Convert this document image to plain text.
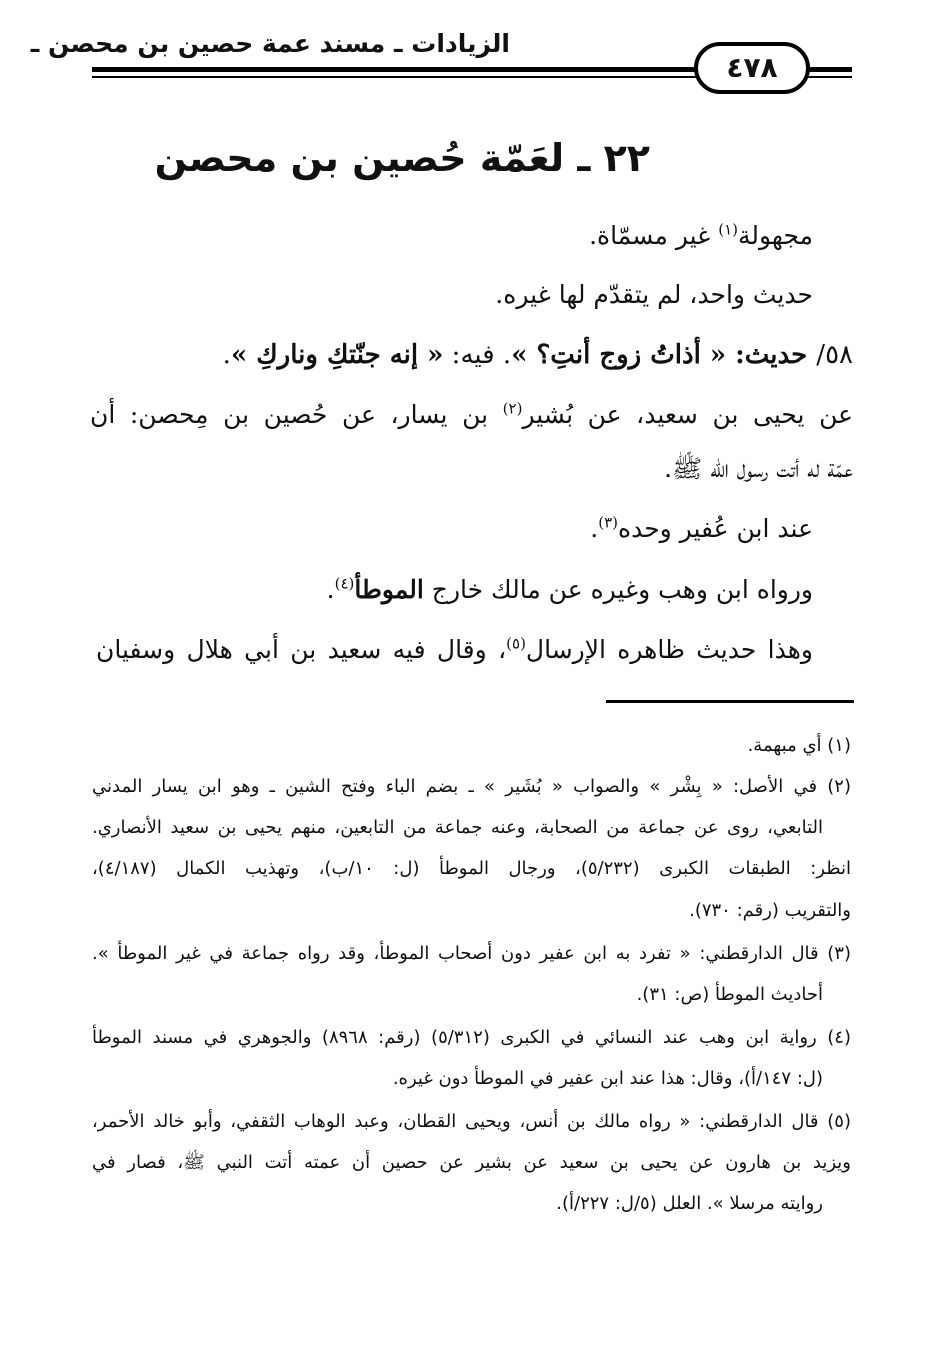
الزيادات ـ مسند عمة حصين بن محصن ـ
٤٧٨
٢٢ ـ لعَمّة حُصين بن محصن
مجهولة$^{(١)}$ غير مسمّاة.
حديث واحد، لم يتقدّم لها غيره.
٥٨/ حديث: « أذاتُ زوج أنتِ؟ ». فيه: « إنه جنّتكِ وناركِ ».
عن يحيى بن سعيد، عن بُشير$^{(٢)}$ بن يسار، عن حُصين بن مِحصن: أن
عمّة له أتت رسول الله ﷺ.
عند ابن عُفير وحده$^{(٣)}$.
ورواه ابن وهب وغيره عن مالك خارج الموطأ$^{(٤)}$.
وهذا حديث ظاهره الإرسال$^{(٥)}$، وقال فيه سعيد بن أبي هلال وسفيان
(١) أي مبهمة.
(٢) في الأصل: « بِشْر » والصواب « بُشَير » ـ بضم الباء وفتح الشين ـ وهو ابن يسار المدني
التابعي، روى عن جماعة من الصحابة، وعنه جماعة من التابعين، منهم يحيى بن سعيد الأنصاري.
انظر: الطبقات الكبرى (٥/٢٣٢)، ورجال الموطأ (ل: ١٠/ب)، وتهذيب الكمال (٤/١٨٧)،
والتقريب (رقم: ٧٣٠).
(٣) قال الدارقطني: « تفرد به ابن عفير دون أصحاب الموطأ، وقد رواه جماعة في غير الموطأ ».
أحاديث الموطأ (ص: ٣١).
(٤) رواية ابن وهب عند النسائي في الكبرى (٥/٣١٢) (رقم: ٨٩٦٨) والجوهري في مسند الموطأ
(ل: ١٤٧/أ)، وقال: هذا عند ابن عفير في الموطأ دون غيره.
(٥) قال الدارقطني: « رواه مالك بن أنس، ويحيى القطان، وعبد الوهاب الثقفي، وأبو خالد الأحمر،
ويزيد بن هارون عن يحيى بن سعيد عن بشير عن حصين أن عمته أتت النبي ﷺ، فصار في
روايته مرسلا ». العلل (٥/ل: ٢٢٧/أ).
